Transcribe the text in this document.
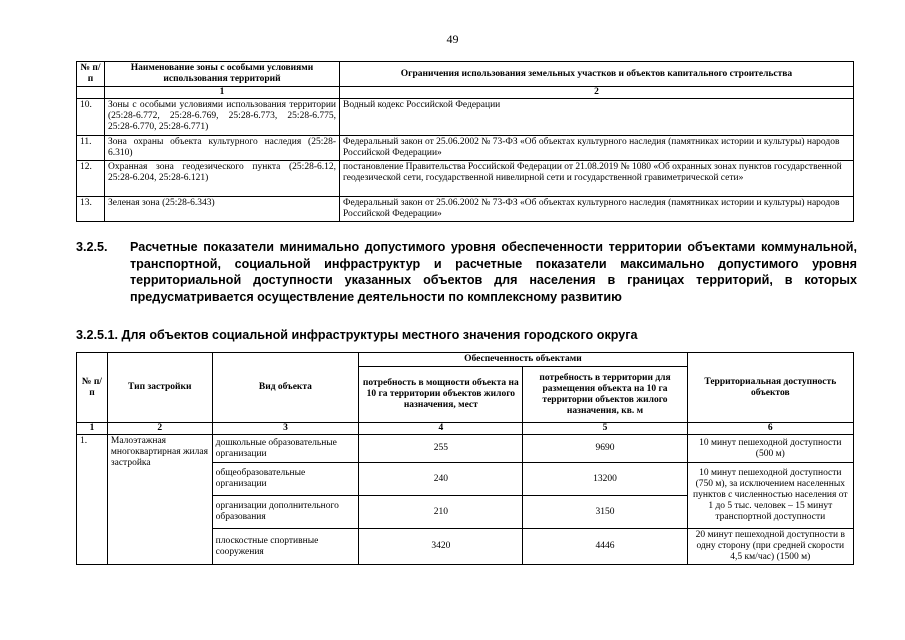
49
№ п/п	Наименование зоны с особыми условиями использования территорий	Ограничения использования земельных участков и объектов капитального строительства
	1	2
10.	Зоны с особыми условиями использования территории (25:28-6.772, 25:28-6.769, 25:28-6.773, 25:28-6.775, 25:28-6.770, 25:28-6.771)	Водный кодекс Российской Федерации
11.	Зона охраны объекта культурного наследия (25:28-6.310)	Федеральный закон от 25.06.2002 № 73-ФЗ «Об объектах культурного наследия (памятниках истории и культуры) народов Российской Федерации»
12.	Охранная зона геодезического пункта (25:28-6.12, 25:28-6.204, 25:28-6.121)	постановление Правительства Российской Федерации от 21.08.2019 № 1080 «Об охранных зонах пунктов государственной геодезической сети, государственной нивелирной сети и государственной гравиметрической сети»
13.	Зеленая зона (25:28-6.343)	Федеральный закон от 25.06.2002 № 73-ФЗ «Об объектах культурного наследия (памятниках истории и культуры) народов Российской Федерации»
3.2.5. Расчетные показатели минимально допустимого уровня обеспеченности территории объектами коммунальной, транспортной, социальной инфраструктур и расчетные показатели максимально допустимого уровня территориальной доступности указанных объектов для населения в границах территорий, в которых предусматривается осуществление деятельности по комплексному развитию
3.2.5.1. Для объектов социальной инфраструктуры местного значения городского округа
№ п/п	Тип застройки	Вид объекта	Обеспеченность объектами		Территориальная доступность объектов
			потребность в мощности объекта на 10 га территории объектов жилого назначения, мест	потребность в территории для размещения объекта на 10 га территории объектов жилого назначения, кв. м	
1	2	3	4	5	6
1.	Малоэтажная многоквартирная жилая застройка	дошкольные образовательные организации	255	9690	10 минут пешеходной доступности (500 м)
		общеобразовательные организации	240	13200	10 минут пешеходной доступности (750 м), за исключением населенных пунктов с численностью населения от 1 до 5 тыс. человек – 15 минут транспортной доступности
		организации дополнительного образования	210	3150	
		плоскостные спортивные сооружения	3420	4446	20 минут пешеходной доступности в одну сторону (при средней скорости 4,5 км/час) (1500 м)
